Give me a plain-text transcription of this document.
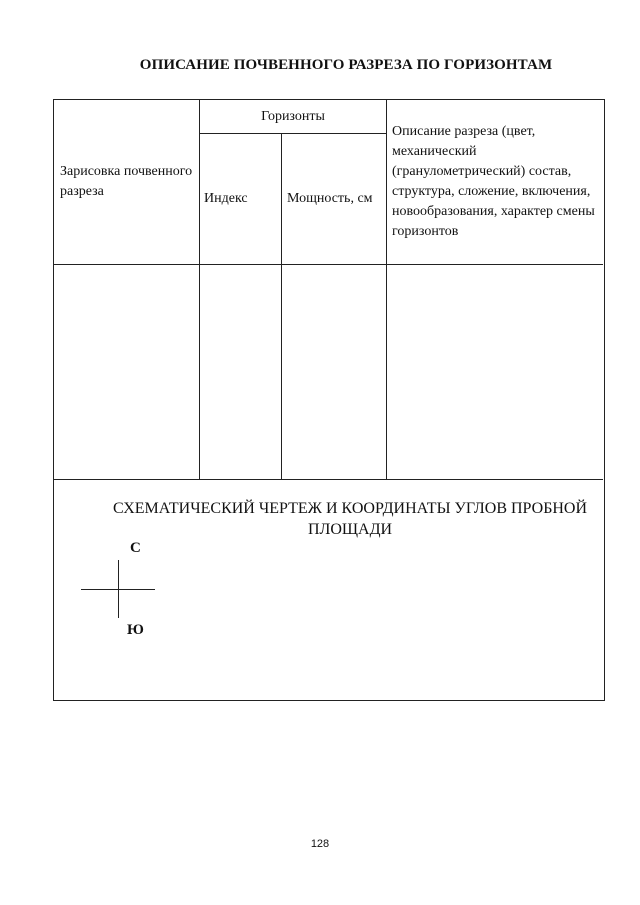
ОПИСАНИЕ ПОЧВЕННОГО РАЗРЕЗА ПО ГОРИЗОНТАМ
Зарисовка почвенного разреза
Горизонты
Индекс	Мощность, см
Описание разреза (цвет, механический (гранулометрический) состав, структура, сложение, включения, новообразования, характер смены горизонтов
СХЕМАТИЧЕСКИЙ ЧЕРТЕЖ И КООРДИНАТЫ УГЛОВ ПРОБНОЙ ПЛОЩАДИ
С
Ю
128
